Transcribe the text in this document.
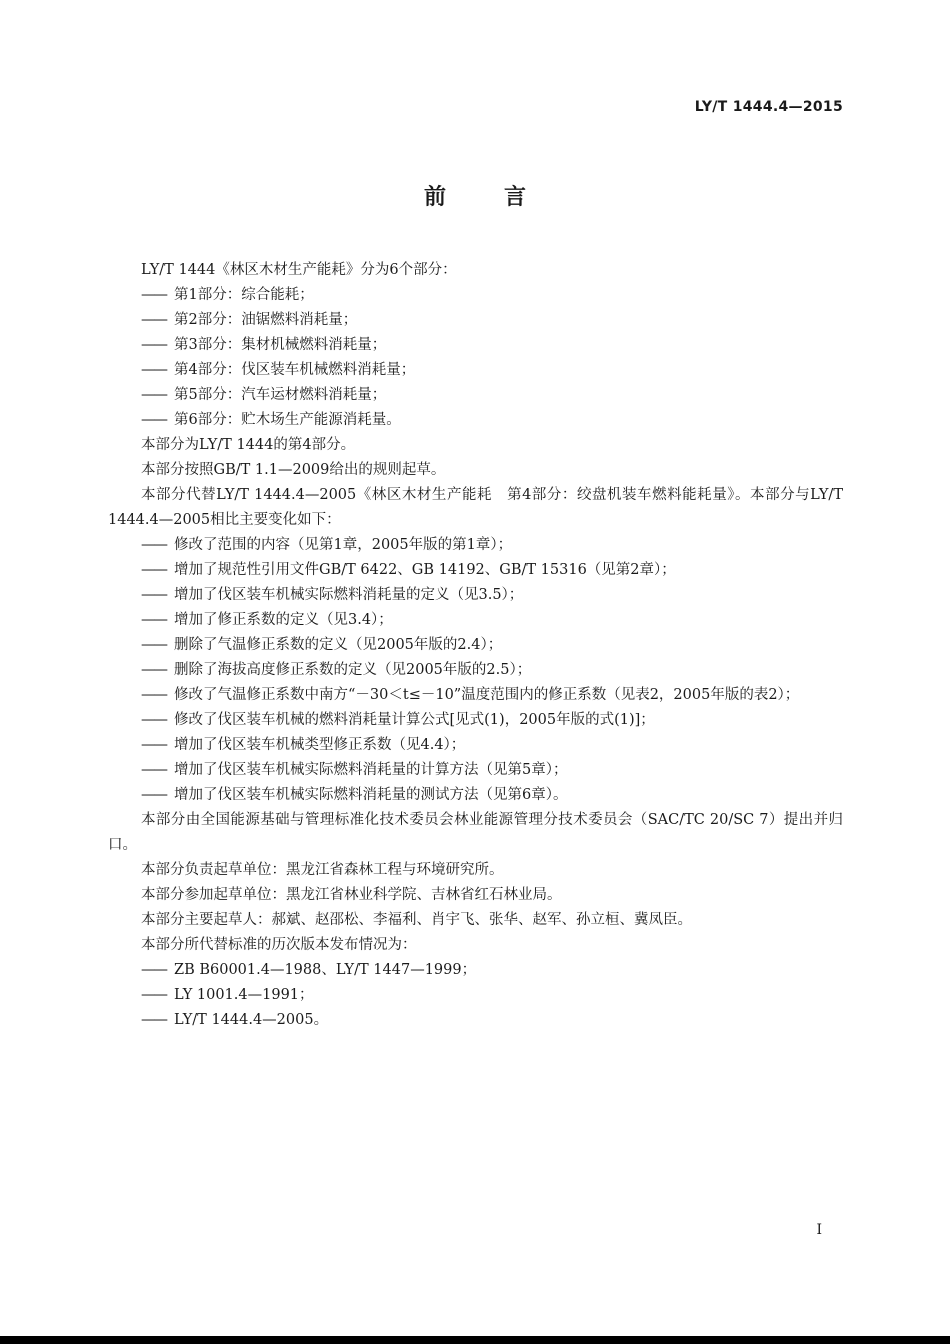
LY/T 1444.4—2015
前言

LY/T 1444《林区木材生产能耗》分为6个部分：

—— 第1部分：综合能耗；

—— 第2部分：油锯燃料消耗量；

—— 第3部分：集材机械燃料消耗量；

—— 第4部分：伐区装车机械燃料消耗量；

—— 第5部分：汽车运材燃料消耗量；

—— 第6部分：贮木场生产能源消耗量。

本部分为LY/T 1444的第4部分。

本部分按照GB/T 1.1—2009给出的规则起草。

本部分代替LY/T 1444.4—2005《林区木材生产能耗　第4部分：绞盘机装车燃料能耗量》。本部分与LY/T 1444.4—2005相比主要变化如下：

—— 修改了范围的内容（见第1章，2005年版的第1章）；

—— 增加了规范性引用文件GB/T 6422、GB 14192、GB/T 15316（见第2章）；

—— 增加了伐区装车机械实际燃料消耗量的定义（见3.5）；

—— 增加了修正系数的定义（见3.4）；

—— 删除了气温修正系数的定义（见2005年版的2.4）；

—— 删除了海拔高度修正系数的定义（见2005年版的2.5）；

—— 修改了气温修正系数中南方“－30＜t≤－10”温度范围内的修正系数（见表2，2005年版的表2）；

—— 修改了伐区装车机械的燃料消耗量计算公式[见式(1)，2005年版的式(1)]；

—— 增加了伐区装车机械类型修正系数（见4.4）；

—— 增加了伐区装车机械实际燃料消耗量的计算方法（见第5章）；

—— 增加了伐区装车机械实际燃料消耗量的测试方法（见第6章）。

本部分由全国能源基础与管理标准化技术委员会林业能源管理分技术委员会（SAC/TC 20/SC 7）提出并归口。

本部分负责起草单位：黑龙江省森林工程与环境研究所。

本部分参加起草单位：黑龙江省林业科学院、吉林省红石林业局。

本部分主要起草人：郝斌、赵邵松、李福利、肖宇飞、张华、赵军、孙立桓、冀凤臣。

本部分所代替标准的历次版本发布情况为：

—— ZB B60001.4—1988、LY/T 1447—1999；

—— LY 1001.4—1991；

—— LY/T 1444.4—2005。

I
